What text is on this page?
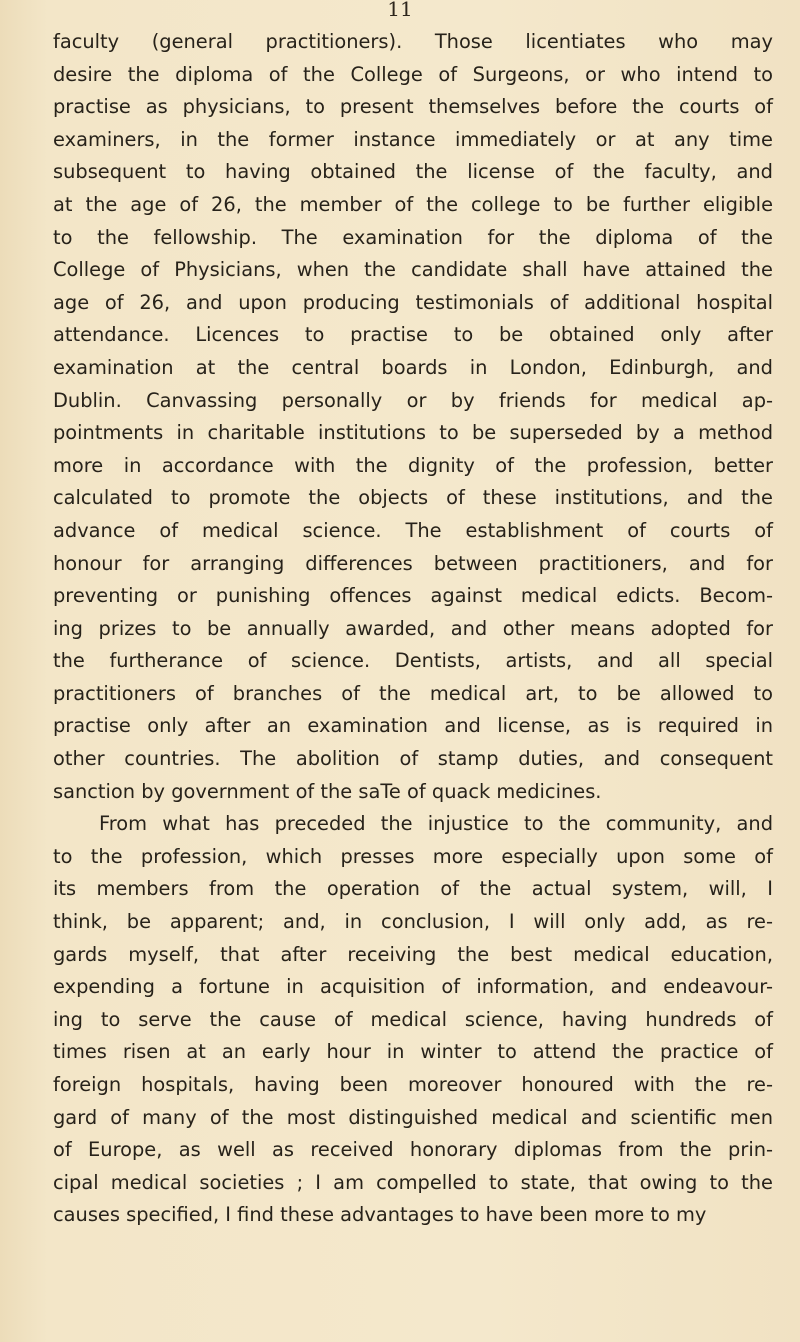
11

faculty (general practitioners). Those licentiates who may
desire the diploma of the College of Surgeons, or who intend to
practise as physicians, to present themselves before the courts of
examiners, in the former instance immediately or at any time
subsequent to having obtained the license of the faculty, and
at the age of 26, the member of the college to be further eligible
to the fellowship. The examination for the diploma of the
College of Physicians, when the candidate shall have attained the
age of 26, and upon producing testimonials of additional hospital
attendance. Licences to practise to be obtained only after
examination at the central boards in London, Edinburgh, and
Dublin. Canvassing personally or by friends for medical ap-
pointments in charitable institutions to be superseded by a method
more in accordance with the dignity of the profession, better
calculated to promote the objects of these institutions, and the
advance of medical science. The establishment of courts of
honour for arranging differences between practitioners, and for
preventing or punishing offences against medical edicts. Becom-
ing prizes to be annually awarded, and other means adopted for
the furtherance of science. Dentists, artists, and all special
practitioners of branches of the medical art, to be allowed to
practise only after an examination and license, as is required in
other countries. The abolition of stamp duties, and consequent
sanction by government of the saTe of quack medicines.
From what has preceded the injustice to the community, and
to the profession, which presses more especially upon some of
its members from the operation of the actual system, will, I
think, be apparent; and, in conclusion, I will only add, as re-
gards myself, that after receiving the best medical education,
expending a fortune in acquisition of information, and endeavour-
ing to serve the cause of medical science, having hundreds of
times risen at an early hour in winter to attend the practice of
foreign hospitals, having been moreover honoured with the re-
gard of many of the most distinguished medical and scientific men
of Europe, as well as received honorary diplomas from the prin-
cipal medical societies ; I am compelled to state, that owing to the
causes specified, I find these advantages to have been more to my
